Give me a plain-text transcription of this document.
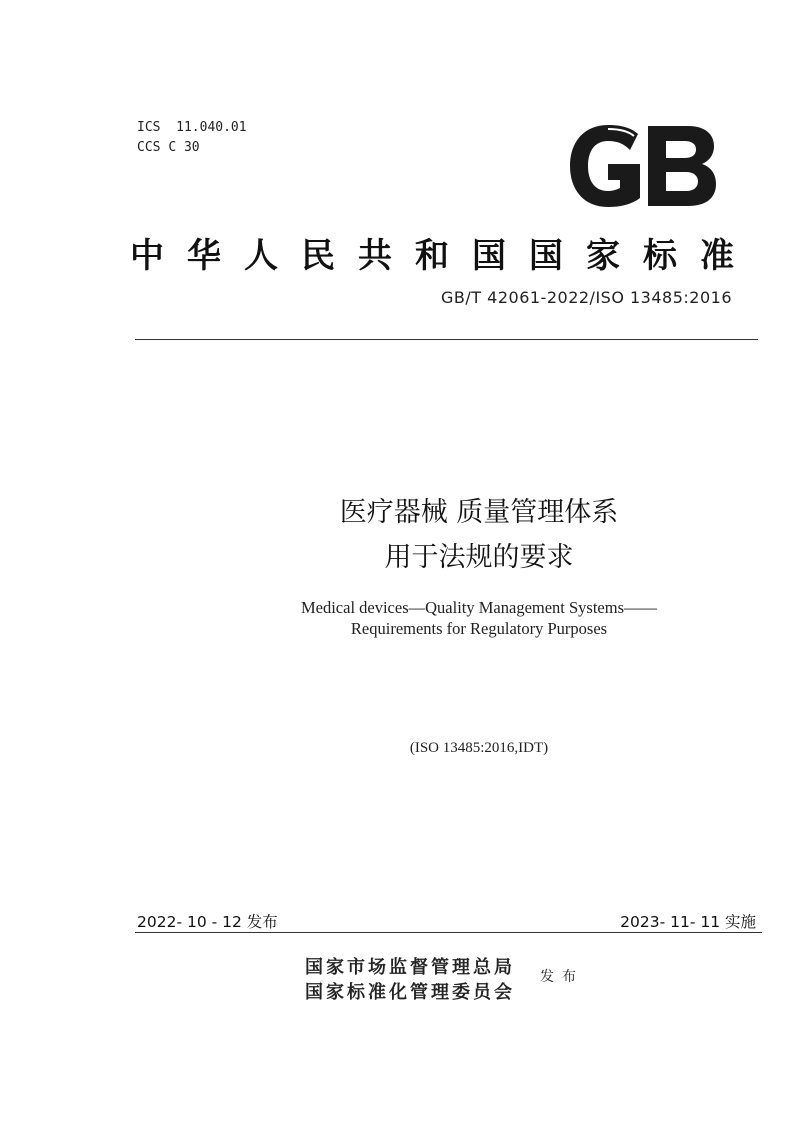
ICS 11.040.01
CCS C 30
中华人民共和国国家标准
GB/T 42061-2022/ISO 13485:2016
医疗器械 质量管理体系
用于法规的要求
Medical devices—Quality Management Systems——
Requirements for Regulatory Purposes
(ISO 13485:2016,IDT)
2022- 10 - 12 发布	2023- 11- 11 实施
国家市场监督管理总局
国家标准化管理委员会
发布
